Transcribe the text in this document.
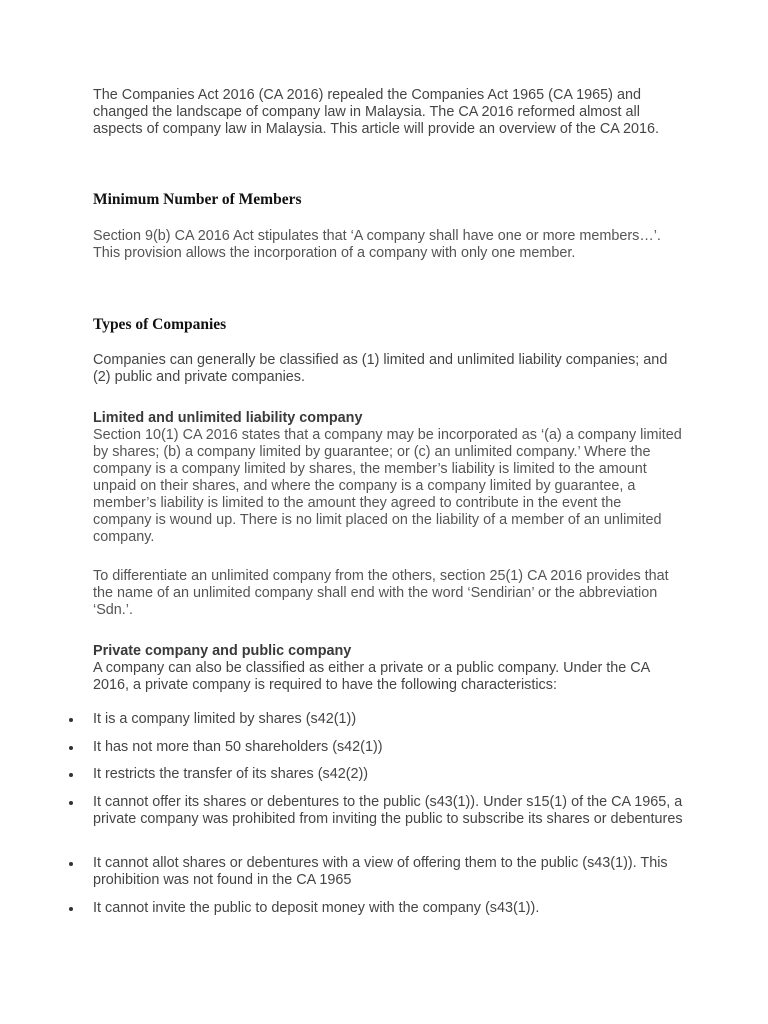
The Companies Act 2016 (CA 2016) repealed the Companies Act 1965 (CA 1965) and changed the landscape of company law in Malaysia. The CA 2016 reformed almost all aspects of company law in Malaysia. This article will provide an overview of the CA 2016.

Minimum Number of Members

Section 9(b) CA 2016 Act stipulates that ‘A company shall have one or more members…’. This provision allows the incorporation of a company with only one member.

Types of Companies

Companies can generally be classified as (1) limited and unlimited liability companies; and (2) public and private companies.

Limited and unlimited liability company
Section 10(1) CA 2016 states that a company may be incorporated as ‘(a) a company limited by shares; (b) a company limited by guarantee; or (c) an unlimited company.’ Where the company is a company limited by shares, the member’s liability is limited to the amount unpaid on their shares, and where the company is a company limited by guarantee, a member’s liability is limited to the amount they agreed to contribute in the event the company is wound up. There is no limit placed on the liability of a member of an unlimited company.

To differentiate an unlimited company from the others, section 25(1) CA 2016 provides that the name of an unlimited company shall end with the word ‘Sendirian’ or the abbreviation ‘Sdn.’.

Private company and public company
A company can also be classified as either a private or a public company. Under the CA 2016, a private company is required to have the following characteristics:
It is a company limited by shares (s42(1))
It has not more than 50 shareholders (s42(1))
It restricts the transfer of its shares (s42(2))
It cannot offer its shares or debentures to the public (s43(1)). Under s15(1) of the CA 1965, a private company was prohibited from inviting the public to subscribe its shares or debentures
It cannot allot shares or debentures with a view of offering them to the public (s43(1)). This prohibition was not found in the CA 1965
It cannot invite the public to deposit money with the company (s43(1)).
